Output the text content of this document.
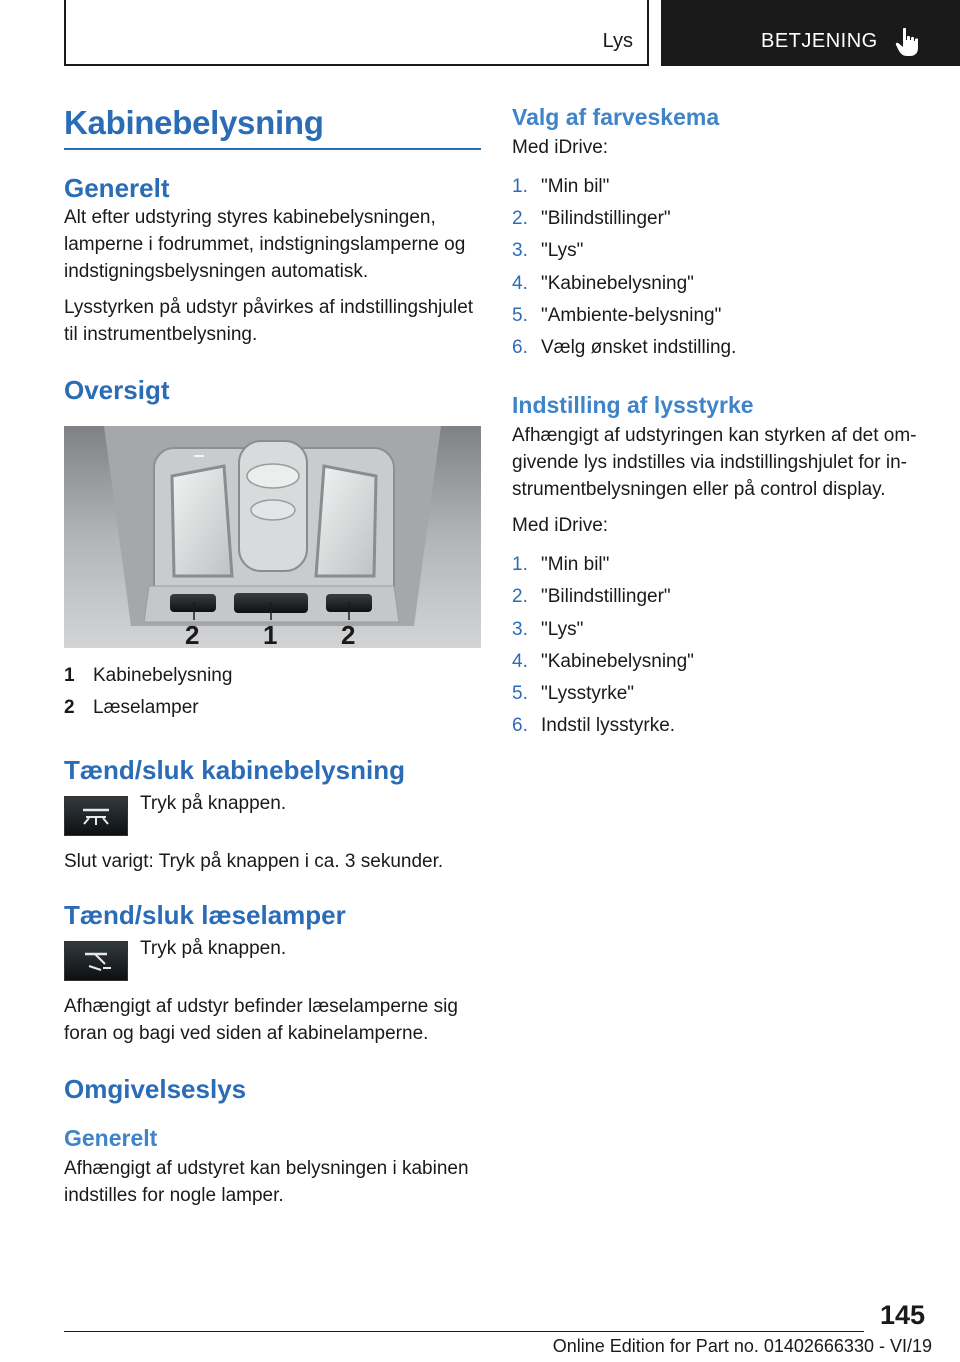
Lys	BETJENING
Kabinebelysning
Generelt

Alt efter udstyring styres kabinebelysningen, lamperne i fodrummet, indstigningslamperne og indstigningsbelysningen automatisk.

Lysstyrken på udstyr påvirkes af indstillingshjulet til instrumentbelysning.

Oversigt
2 1 2
1 Kabinebelysning
2 Læselamper
Tænd/sluk kabinebelysning

Tryk på knappen.

Slut varigt: Tryk på knappen i ca. 3 sekunder.

Tænd/sluk læselamper

Tryk på knappen.

Afhængigt af udstyr befinder læselamperne sig foran og bagi ved siden af kabinelamperne.

Omgivelseslys
Generelt

Afhængigt af udstyret kan belysningen i kabinen indstilles for nogle lamper.

Valg af farveskema

Med iDrive:

1. "Min bil"
2. "Bilindstillinger"
3. "Lys"
4. "Kabinebelysning"
5. "Ambiente-belysning"
6. Vælg ønsket indstilling.
Indstilling af lysstyrke

Afhængigt af udstyringen kan styrken af det om-givende lys indstilles via indstillingshjulet for in-strumentbelysningen eller på control display.

Med iDrive:

1. "Min bil"
2. "Bilindstillinger"
3. "Lys"
4. "Kabinebelysning"
5. "Lysstyrke"
6. Indstil lysstyrke.
145
Online Edition for Part no. 01402666330 - VI/19
